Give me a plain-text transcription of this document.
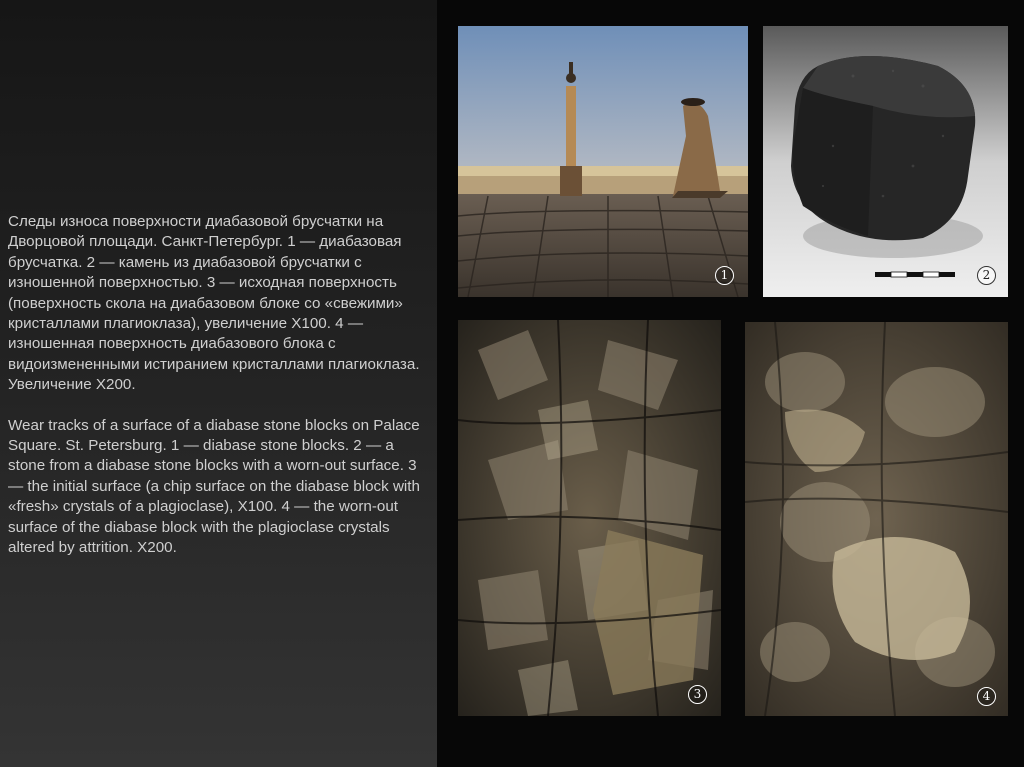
Следы износа поверхности диабазовой брусчатки на Дворцовой площади. Санкт-Петербург. 1 — диабазовая брусчатка. 2 — камень из диабазовой брусчатки с изношенной поверхностью. 3 — исходная поверхность (поверхность скола на диабазовом блоке со «свежими» кристаллами плагиоклаза), увеличение X100. 4 — изношенная поверхность диабазового блока с видоизмененными истиранием кристаллами плагиоклаза. Увеличение X200.

Wear tracks of a surface of a diabase stone blocks on Palace Square. St. Petersburg. 1 — diabase stone blocks. 2 — a stone from a diabase stone blocks with a worn-out surface. 3 — the initial surface (a chip surface on the diabase block with «fresh» crystals of a plagioclase), X100. 4 — the worn-out surface of the diabase block with the plagioclase crystals altered by attrition. X200.

1	2
3	4
